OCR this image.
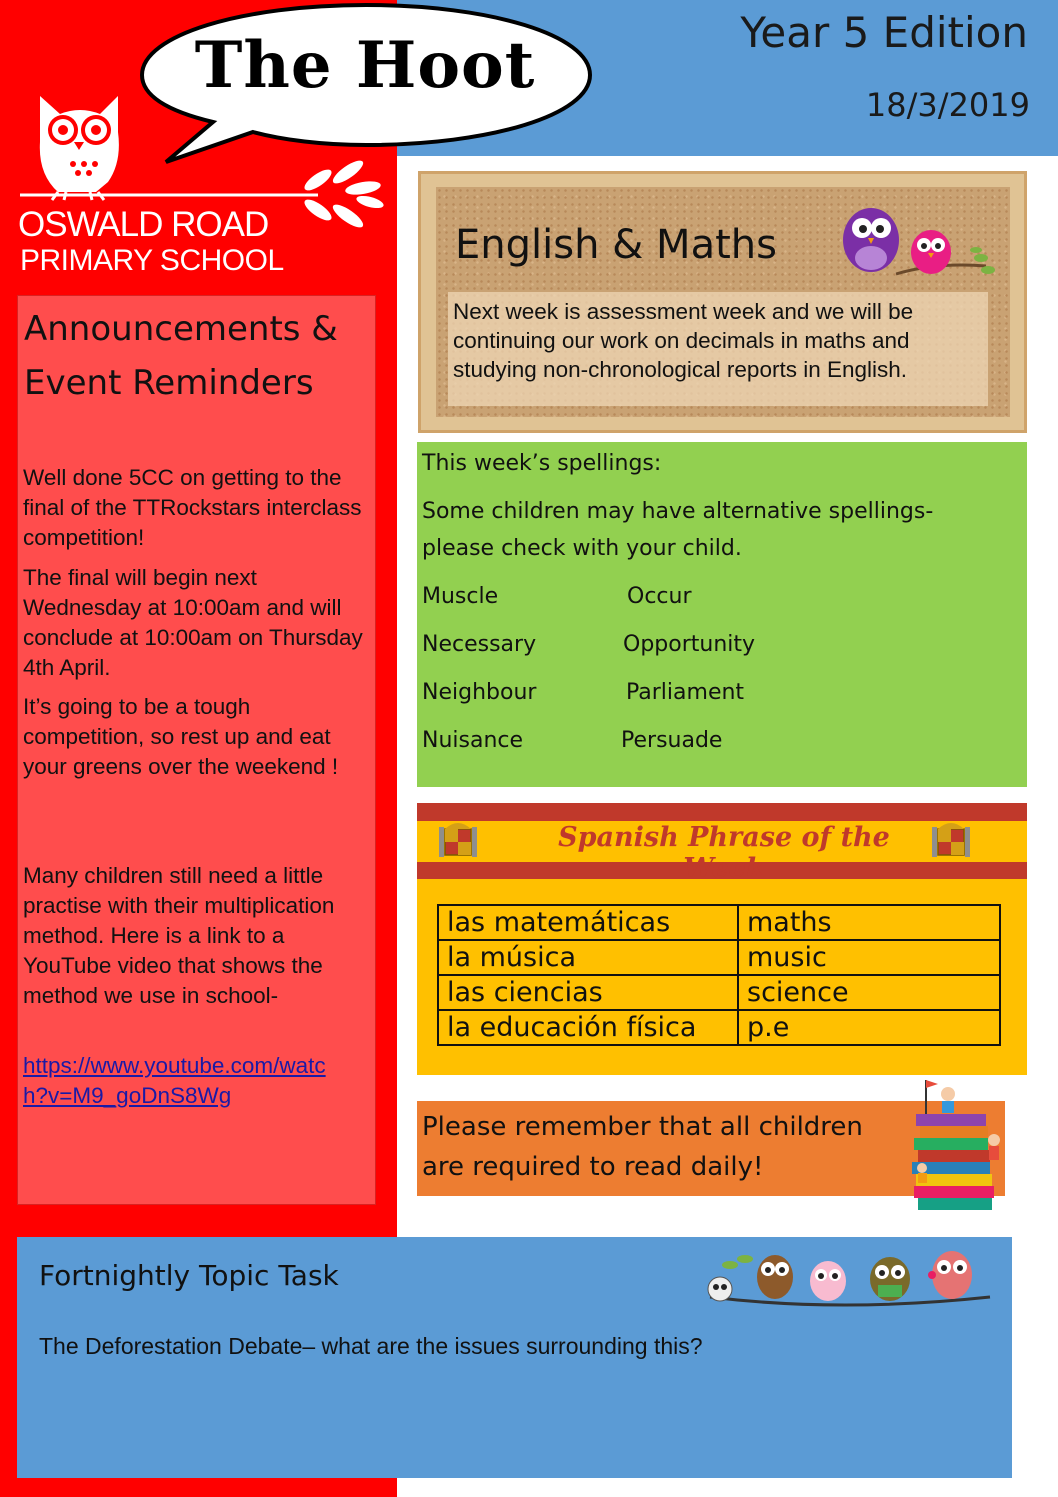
The Hoot	Year 5 Edition
18/3/2019
OSWALD ROAD
PRIMARY SCHOOL
Announcements & Event Reminders

Well done 5CC on getting to the final of the TTRockstars interclass competition!

The final will begin next Wednesday at 10:00am and will conclude at 10:00am on Thursday 4th April.

It’s going to be a tough competition, so rest up and eat your greens over the weekend !

Many children still need a little practise with their multiplication method. Here is a link to a YouTube video that shows the method we use in school-

https://www.youtube.com/watch?v=M9_goDnS8Wg

English & Maths
Next week is assessment week and we will be continuing our work on decimals in maths and studying non-chronological reports in English.
This week’s spellings:
Some children may have alternative spellings-
please check with your child.
Muscle	Occur
Necessary	Opportunity
Neighbour	Parliament
Nuisance	Persuade
Spanish Phrase of the Week
las matemáticas	maths
la música	music
las ciencias	science
la educación física	p.e
Please remember that all children
are required to read daily!
Fortnightly Topic Task
The Deforestation Debate– what are the issues surrounding this?
